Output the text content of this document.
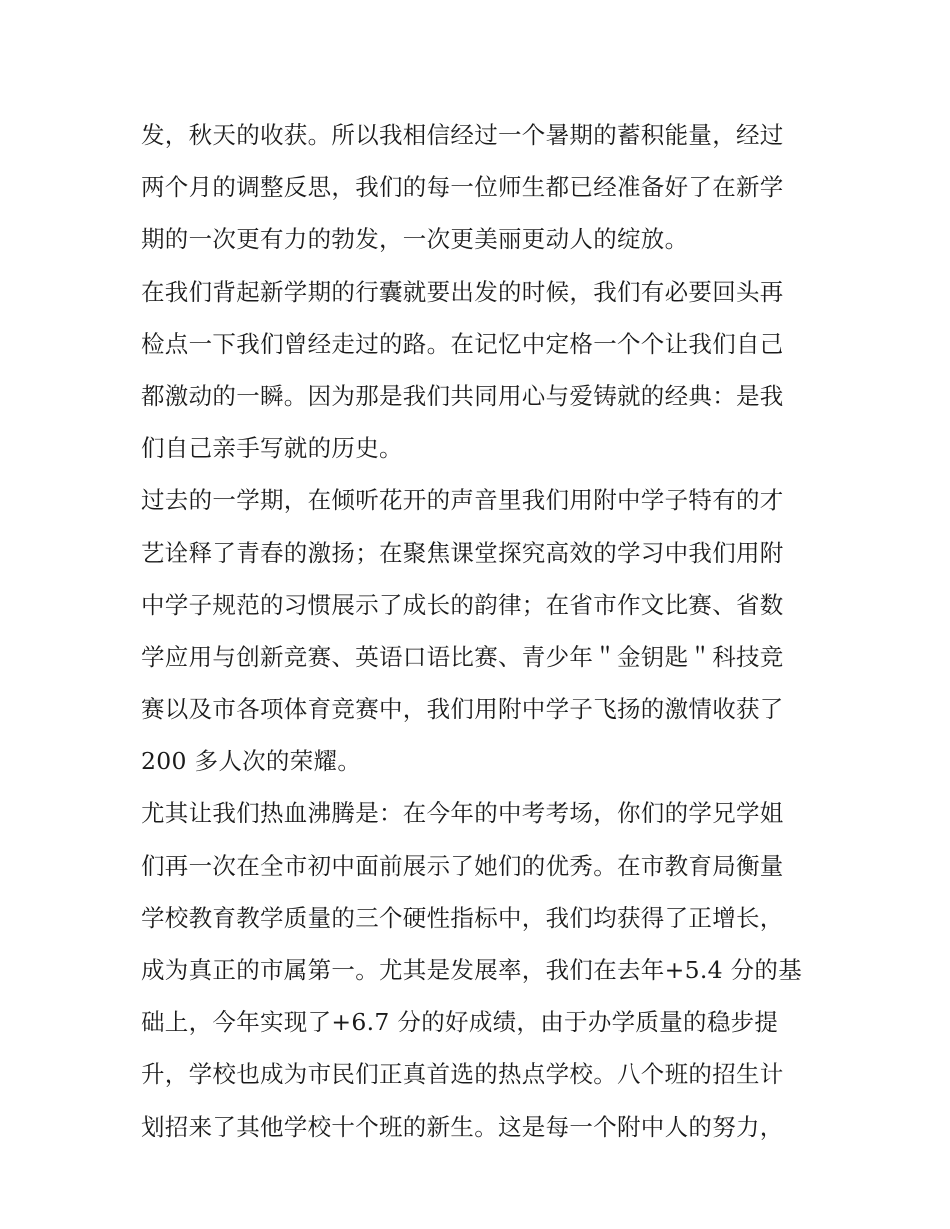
发，秋天的收获。所以我相信经过一个暑期的蓄积能量，经过
两个月的调整反思，我们的每一位师生都已经准备好了在新学
期的一次更有力的勃发，一次更美丽更动人的绽放。
在我们背起新学期的行囊就要出发的时候，我们有必要回头再
检点一下我们曾经走过的路。在记忆中定格一个个让我们自己
都激动的一瞬。因为那是我们共同用心与爱铸就的经典：是我
们自己亲手写就的历史。
过去的一学期，在倾听花开的声音里我们用附中学子特有的才
艺诠释了青春的激扬；在聚焦课堂探究高效的学习中我们用附
中学子规范的习惯展示了成长的韵律；在省市作文比赛、省数
学应用与创新竞赛、英语口语比赛、青少年＂金钥匙＂科技竞
赛以及市各项体育竞赛中，我们用附中学子飞扬的激情收获了
200 多人次的荣耀。
尤其让我们热血沸腾是：在今年的中考考场，你们的学兄学姐
们再一次在全市初中面前展示了她们的优秀。在市教育局衡量
学校教育教学质量的三个硬性指标中，我们均获得了正增长，
成为真正的市属第一。尤其是发展率，我们在去年+5.4 分的基
础上，今年实现了+6.7 分的好成绩，由于办学质量的稳步提
升，学校也成为市民们正真首选的热点学校。八个班的招生计
划招来了其他学校十个班的新生。这是每一个附中人的努力，
